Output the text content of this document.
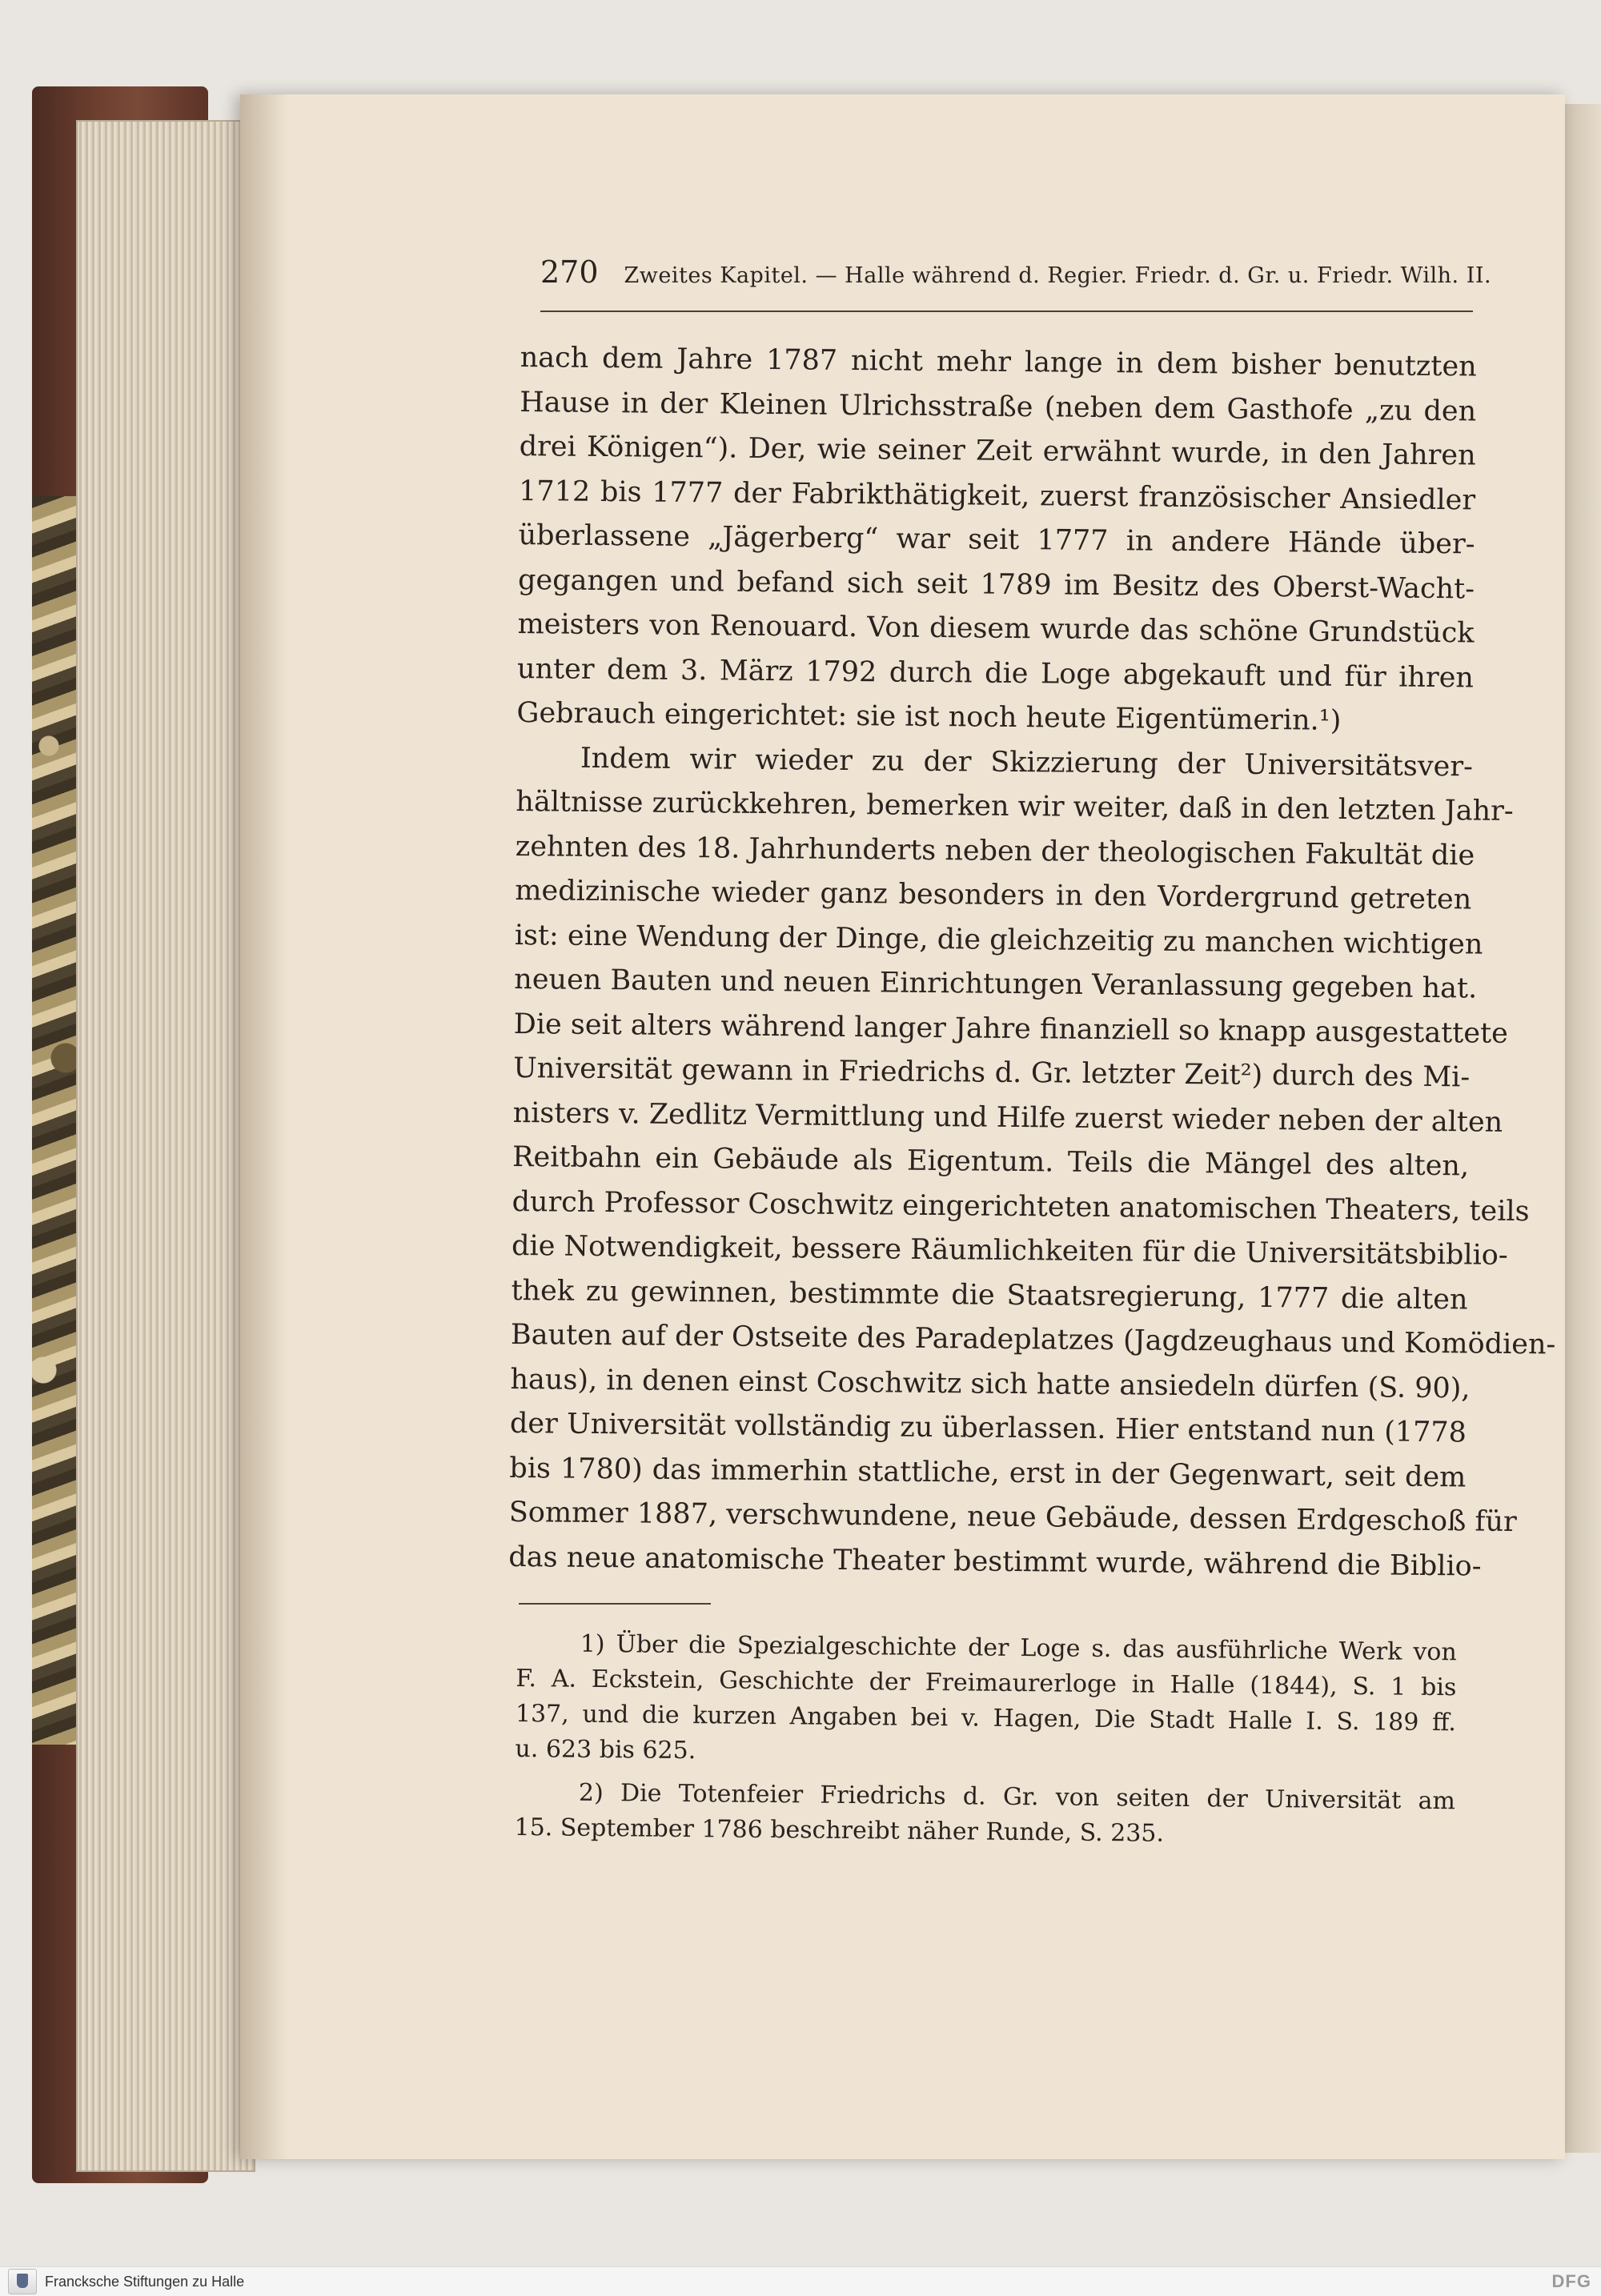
270 Zweites Kapitel. — Halle während d. Regier. Friedr. d. Gr. u. Friedr. Wilh. II.
nach dem Jahre 1787 nicht mehr lange in dem bisher benutzten
Hause in der Kleinen Ulrichsstraße (neben dem Gasthofe „zu den
drei Königen“). Der, wie seiner Zeit erwähnt wurde, in den Jahren
1712 bis 1777 der Fabrikthätigkeit, zuerst französischer Ansiedler
überlassene „Jägerberg“ war seit 1777 in andere Hände über-
gegangen und befand sich seit 1789 im Besitz des Oberst-Wacht-
meisters von Renouard. Von diesem wurde das schöne Grundstück
unter dem 3. März 1792 durch die Loge abgekauft und für ihren
Gebrauch eingerichtet: sie ist noch heute Eigentümerin.¹)
Indem wir wieder zu der Skizzierung der Universitätsver-
hältnisse zurückkehren, bemerken wir weiter, daß in den letzten Jahr-
zehnten des 18. Jahrhunderts neben der theologischen Fakultät die
medizinische wieder ganz besonders in den Vordergrund getreten
ist: eine Wendung der Dinge, die gleichzeitig zu manchen wichtigen
neuen Bauten und neuen Einrichtungen Veranlassung gegeben hat.
Die seit alters während langer Jahre finanziell so knapp ausgestattete
Universität gewann in Friedrichs d. Gr. letzter Zeit²) durch des Mi-
nisters v. Zedlitz Vermittlung und Hilfe zuerst wieder neben der alten
Reitbahn ein Gebäude als Eigentum. Teils die Mängel des alten,
durch Professor Coschwitz eingerichteten anatomischen Theaters, teils
die Notwendigkeit, bessere Räumlichkeiten für die Universitätsbiblio-
thek zu gewinnen, bestimmte die Staatsregierung, 1777 die alten
Bauten auf der Ostseite des Paradeplatzes (Jagdzeughaus und Komödien-
haus), in denen einst Coschwitz sich hatte ansiedeln dürfen (S. 90),
der Universität vollständig zu überlassen. Hier entstand nun (1778
bis 1780) das immerhin stattliche, erst in der Gegenwart, seit dem
Sommer 1887, verschwundene, neue Gebäude, dessen Erdgeschoß für
das neue anatomische Theater bestimmt wurde, während die Biblio-
1) Über die Spezialgeschichte der Loge s. das ausführliche Werk von
F. A. Eckstein, Geschichte der Freimaurerloge in Halle (1844), S. 1 bis
137, und die kurzen Angaben bei v. Hagen, Die Stadt Halle I. S. 189 ff.
u. 623 bis 625.
2) Die Totenfeier Friedrichs d. Gr. von seiten der Universität am
15. September 1786 beschreibt näher Runde, S. 235.
Francksche Stiftungen zu Halle	DFG
